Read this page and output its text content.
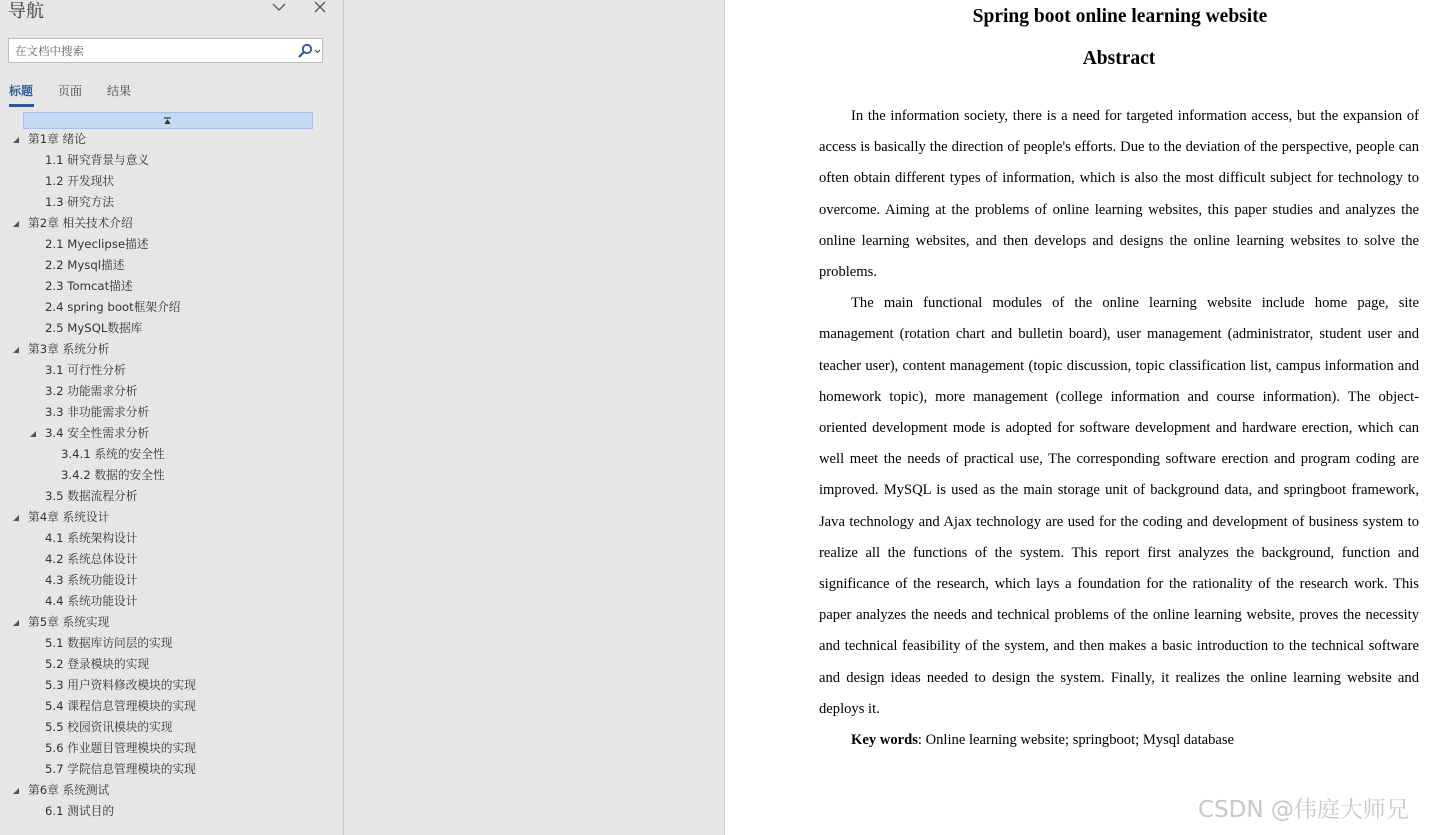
导航
在文档中搜索
标题 页面 结果
第1章 绪论
1.1 研究背景与意义
1.2 开发现状
1.3 研究方法
第2章 相关技术介绍
2.1 Myeclipse描述
2.2 Mysql描述
2.3 Tomcat描述
2.4 spring boot框架介绍
2.5 MySQL数据库
第3章 系统分析
3.1 可行性分析
3.2 功能需求分析
3.3 非功能需求分析
3.4 安全性需求分析
3.4.1 系统的安全性
3.4.2 数据的安全性
3.5 数据流程分析
第4章 系统设计
4.1 系统架构设计
4.2 系统总体设计
4.3 系统功能设计
4.4 系统功能设计
第5章 系统实现
5.1 数据库访问层的实现
5.2 登录模块的实现
5.3 用户资料修改模块的实现
5.4 课程信息管理模块的实现
5.5 校园资讯模块的实现
5.6 作业题目管理模块的实现
5.7 学院信息管理模块的实现
第6章 系统测试
6.1 测试目的
Spring boot online learning website
Abstract

In the information society, there is a need for targeted information access, but the expansion of access is basically the direction of people's efforts. Due to the deviation of the perspective, people can often obtain different types of information, which is also the most difficult subject for technology to overcome. Aiming at the problems of online learning websites, this paper studies and analyzes the online learning websites, and then develops and designs the online learning websites to solve the problems.

The main functional modules of the online learning website include home page, site management (rotation chart and bulletin board), user management (administrator, student user and teacher user), content management (topic discussion, topic classification list, campus information and homework topic), more management (college information and course information). The object-oriented development mode is adopted for software development and hardware erection, which can well meet the needs of practical use, The corresponding software erection and program coding are improved. MySQL is used as the main storage unit of background data, and springboot framework, Java technology and Ajax technology are used for the coding and development of business system to realize all the functions of the system. This report first analyzes the background, function and significance of the research, which lays a foundation for the rationality of the research work. This paper analyzes the needs and technical problems of the online learning website, proves the necessity and technical feasibility of the system, and then makes a basic introduction to the technical software and design ideas needed to design the system. Finally, it realizes the online learning website and deploys it.

Key words: Online learning website; springboot; Mysql database

CSDN @伟庭大师兄
